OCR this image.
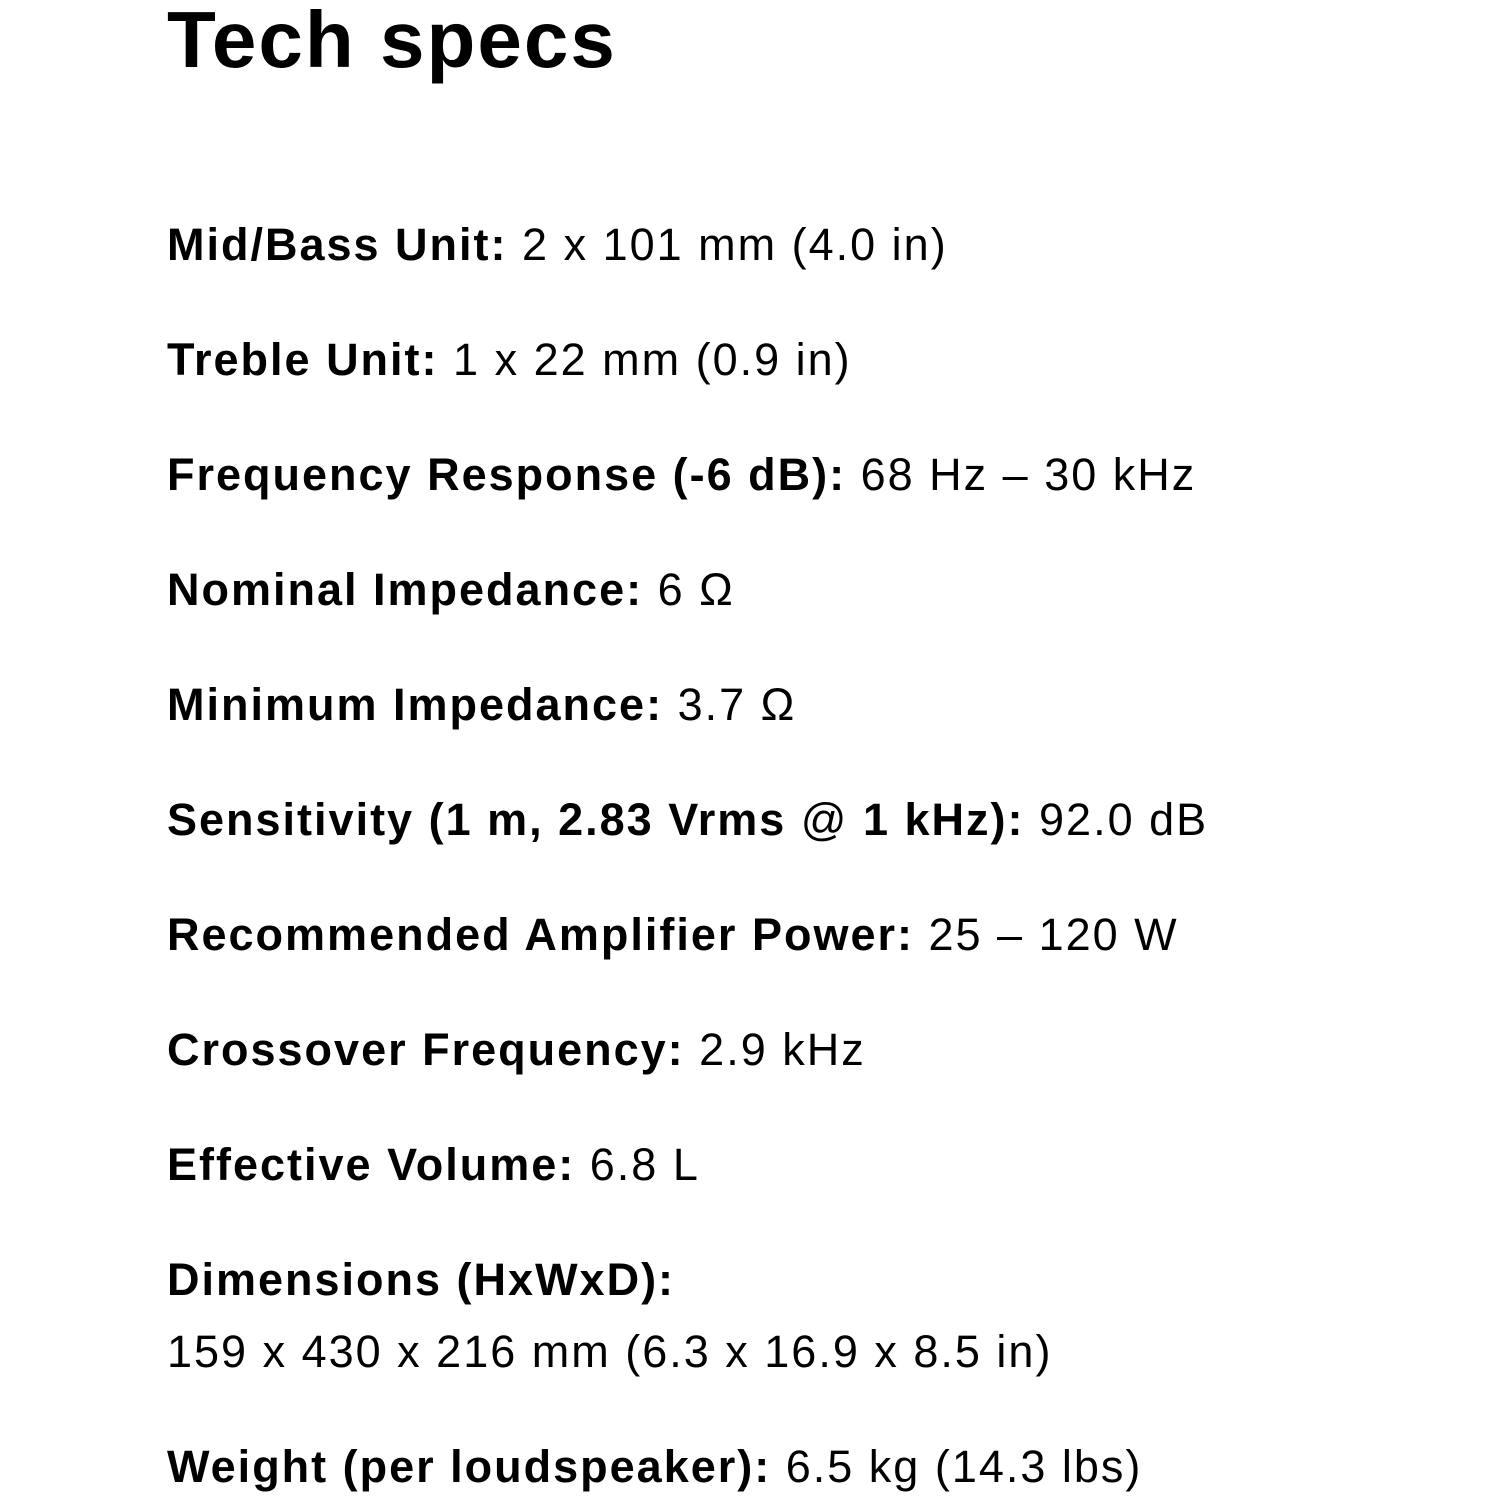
Tech specs

Mid/Bass Unit: 2 x 101 mm (4.0 in)

Treble Unit: 1 x 22 mm (0.9 in)

Frequency Response (-6 dB): 68 Hz – 30 kHz

Nominal Impedance: 6 Ω

Minimum Impedance: 3.7 Ω

Sensitivity (1 m, 2.83 Vrms @ 1 kHz): 92.0 dB

Recommended Amplifier Power: 25 – 120 W

Crossover Frequency: 2.9 kHz

Effective Volume: 6.8 L

Dimensions (HxWxD):
159 x 430 x 216 mm (6.3 x 16.9 x 8.5 in)

Weight (per loudspeaker): 6.5 kg (14.3 lbs)
